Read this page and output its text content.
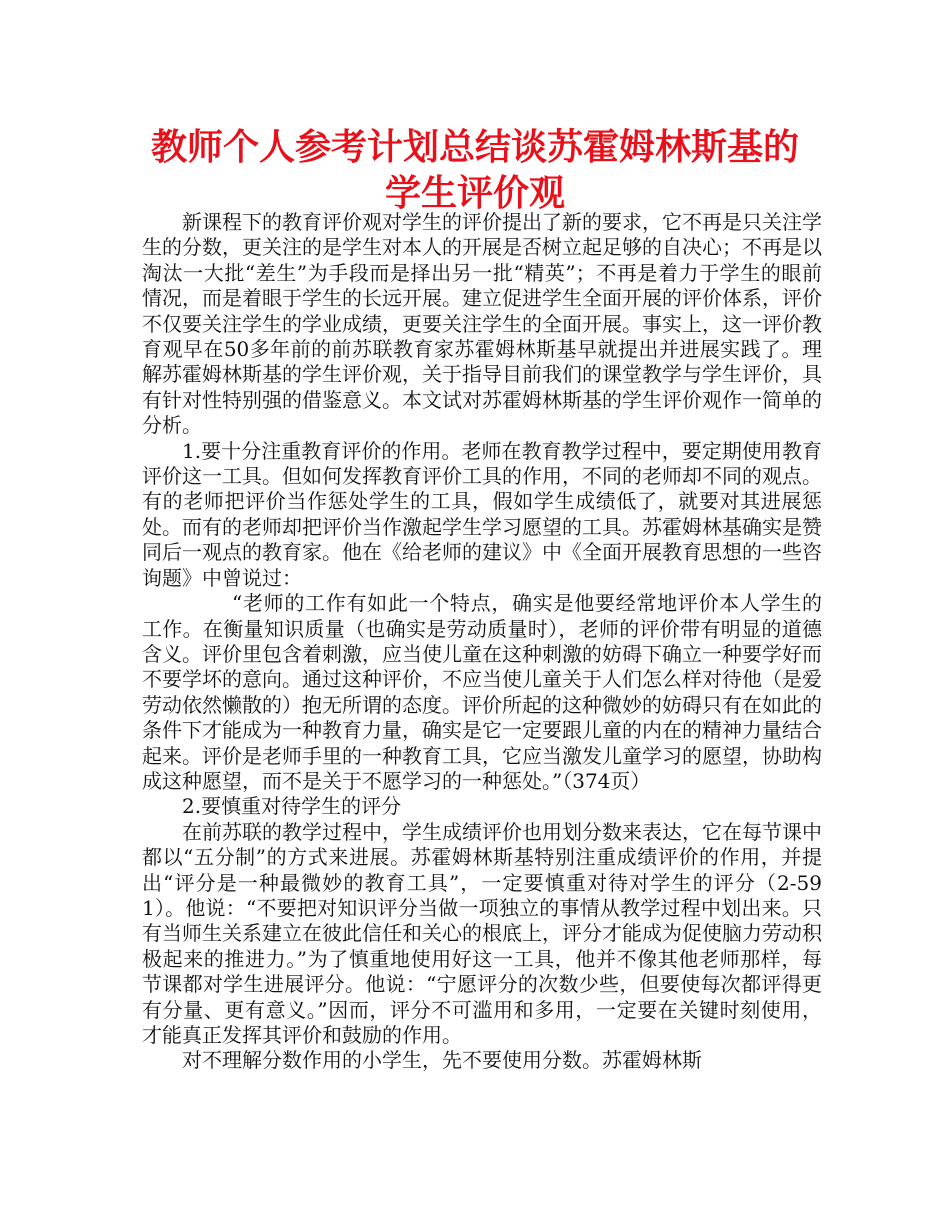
教师个人参考计划总结谈苏霍姆林斯基的
学生评价观

新课程下的教育评价观对学生的评价提出了新的要求，它不再是只关注学生的分数，更关注的是学生对本人的开展是否树立起足够的自决心；不再是以淘汰一大批“差生”为手段而是择出另一批“精英”；不再是着力于学生的眼前情况，而是着眼于学生的长远开展。建立促进学生全面开展的评价体系，评价不仅要关注学生的学业成绩，更要关注学生的全面开展。事实上，这一评价教育观早在50多年前的前苏联教育家苏霍姆林斯基早就提出并进展实践了。理解苏霍姆林斯基的学生评价观，关于指导目前我们的课堂教学与学生评价，具有针对性特别强的借鉴意义。本文试对苏霍姆林斯基的学生评价观作一简单的分析。

1.要十分注重教育评价的作用。老师在教育教学过程中，要定期使用教育评价这一工具。但如何发挥教育评价工具的作用，不同的老师却不同的观点。有的老师把评价当作惩处学生的工具，假如学生成绩低了，就要对其进展惩处。而有的老师却把评价当作激起学生学习愿望的工具。苏霍姆林基确实是赞同后一观点的教育家。他在《给老师的建议》中《全面开展教育思想的一些咨询题》中曾说过：

“老师的工作有如此一个特点，确实是他要经常地评价本人学生的工作。在衡量知识质量（也确实是劳动质量时），老师的评价带有明显的道德含义。评价里包含着刺激，应当使儿童在这种刺激的妨碍下确立一种要学好而不要学坏的意向。通过这种评价，不应当使儿童关于人们怎么样对待他（是爱劳动依然懒散的）抱无所谓的态度。评价所起的这种微妙的妨碍只有在如此的条件下才能成为一种教育力量，确实是它一定要跟儿童的内在的精神力量结合起来。评价是老师手里的一种教育工具，它应当激发儿童学习的愿望，协助构成这种愿望，而不是关于不愿学习的一种惩处。”（374页）

2.要慎重对待学生的评分

在前苏联的教学过程中，学生成绩评价也用划分数来表达，它在每节课中都以“五分制”的方式来进展。苏霍姆林斯基特别注重成绩评价的作用，并提出“评分是一种最微妙的教育工具”，一定要慎重对待对学生的评分（2-591）。他说：“不要把对知识评分当做一项独立的事情从教学过程中划出来。只有当师生关系建立在彼此信任和关心的根底上，评分才能成为促使脑力劳动积极起来的推进力。”为了慎重地使用好这一工具，他并不像其他老师那样，每节课都对学生进展评分。他说：“宁愿评分的次数少些，但要使每次都评得更有分量、更有意义。”因而，评分不可滥用和多用，一定要在关键时刻使用，才能真正发挥其评价和鼓励的作用。

对不理解分数作用的小学生，先不要使用分数。苏霍姆林斯
